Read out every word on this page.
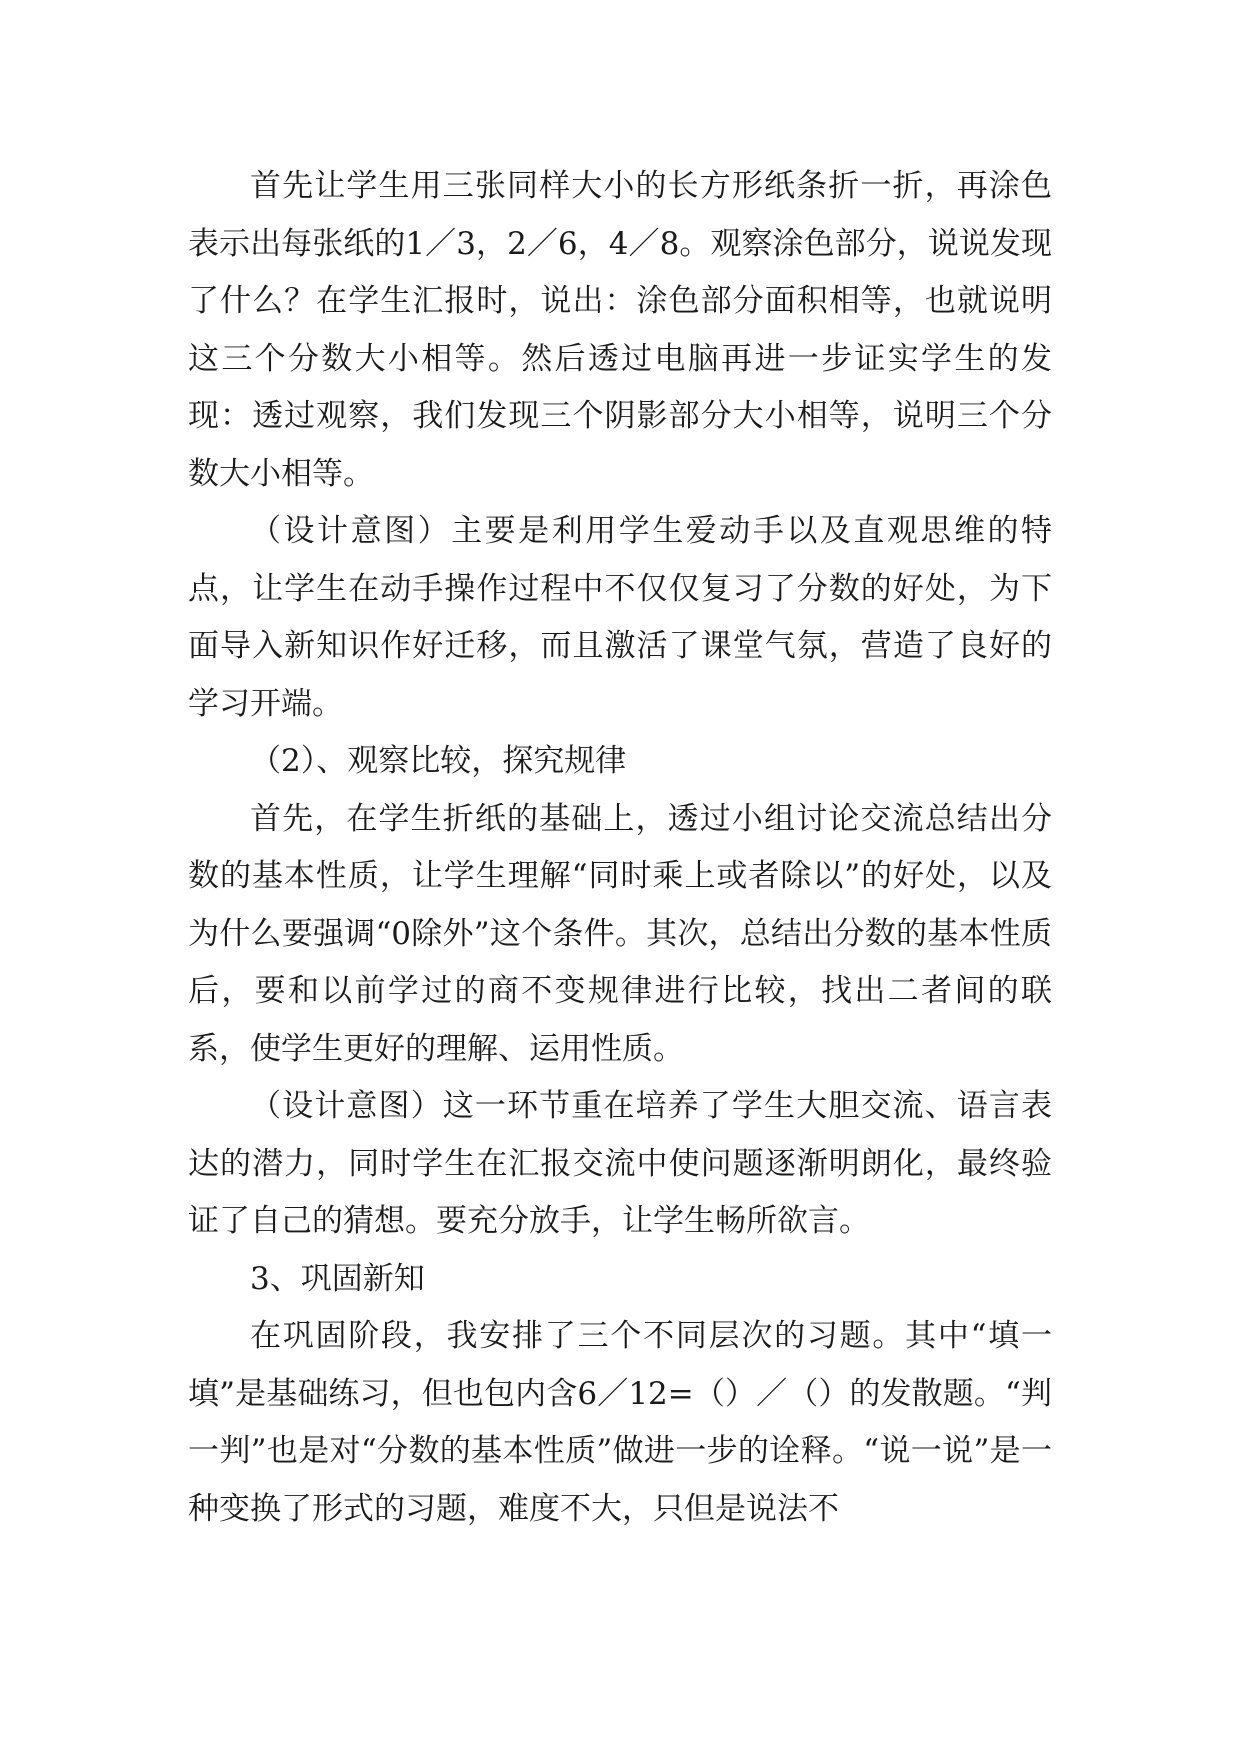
首先让学生用三张同样大小的长方形纸条折一折，再涂色表示出每张纸的1／3，2／6，4／8。观察涂色部分，说说发现了什么？在学生汇报时，说出：涂色部分面积相等，也就说明这三个分数大小相等。然后透过电脑再进一步证实学生的发现：透过观察，我们发现三个阴影部分大小相等，说明三个分数大小相等。

（设计意图）主要是利用学生爱动手以及直观思维的特点，让学生在动手操作过程中不仅仅复习了分数的好处，为下面导入新知识作好迁移，而且激活了课堂气氛，营造了良好的学习开端。

（2）、观察比较，探究规律

首先，在学生折纸的基础上，透过小组讨论交流总结出分数的基本性质，让学生理解“同时乘上或者除以”的好处，以及为什么要强调“0除外”这个条件。其次，总结出分数的基本性质后，要和以前学过的商不变规律进行比较，找出二者间的联系，使学生更好的理解、运用性质。

（设计意图）这一环节重在培养了学生大胆交流、语言表达的潜力，同时学生在汇报交流中使问题逐渐明朗化，最终验证了自己的猜想。要充分放手，让学生畅所欲言。

3、巩固新知

在巩固阶段，我安排了三个不同层次的习题。其中“填一填”是基础练习，但也包内含6／12=（）／（）的发散题。“判一判”也是对“分数的基本性质”做进一步的诠释。“说一说”是一种变换了形式的习题，难度不大，只但是说法不
